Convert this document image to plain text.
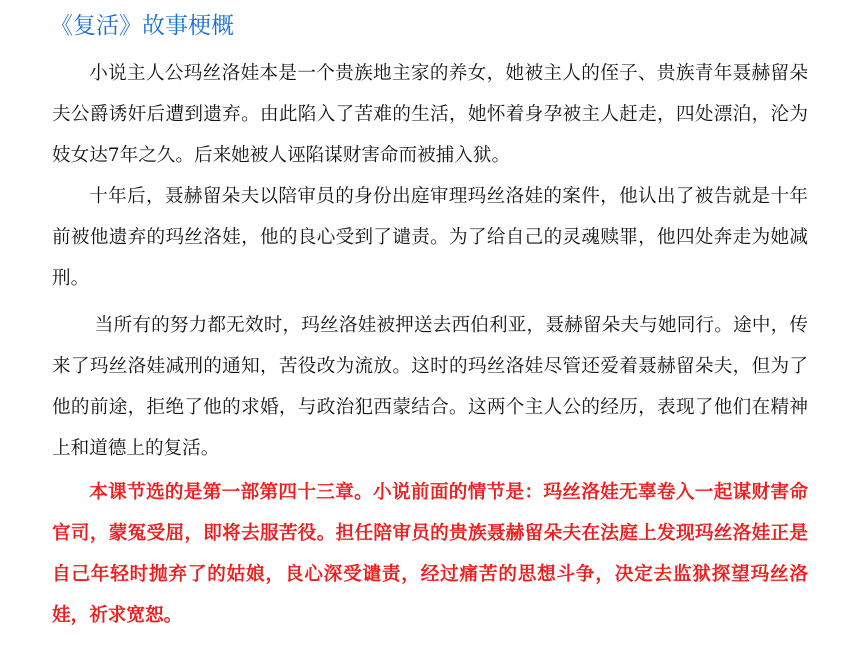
《复活》故事梗概

小说主人公玛丝洛娃本是一个贵族地主家的养女，她被主人的侄子、贵族青年聂赫留朵夫公爵诱奸后遭到遗弃。由此陷入了苦难的生活，她怀着身孕被主人赶走，四处漂泊，沦为妓女达7年之久。后来她被人诬陷谋财害命而被捕入狱。

十年后，聂赫留朵夫以陪审员的身份出庭审理玛丝洛娃的案件，他认出了被告就是十年前被他遗弃的玛丝洛娃，他的良心受到了谴责。为了给自己的灵魂赎罪，他四处奔走为她减刑。

当所有的努力都无效时，玛丝洛娃被押送去西伯利亚，聂赫留朵夫与她同行。途中，传来了玛丝洛娃减刑的通知，苦役改为流放。这时的玛丝洛娃尽管还爱着聂赫留朵夫，但为了他的前途，拒绝了他的求婚，与政治犯西蒙结合。这两个主人公的经历，表现了他们在精神上和道德上的复活。

本课节选的是第一部第四十三章。小说前面的情节是：玛丝洛娃无辜卷入一起谋财害命官司，蒙冤受屈，即将去服苦役。担任陪审员的贵族聂赫留朵夫在法庭上发现玛丝洛娃正是自己年轻时抛弃了的姑娘，良心深受谴责，经过痛苦的思想斗争，决定去监狱探望玛丝洛娃，祈求宽恕。
